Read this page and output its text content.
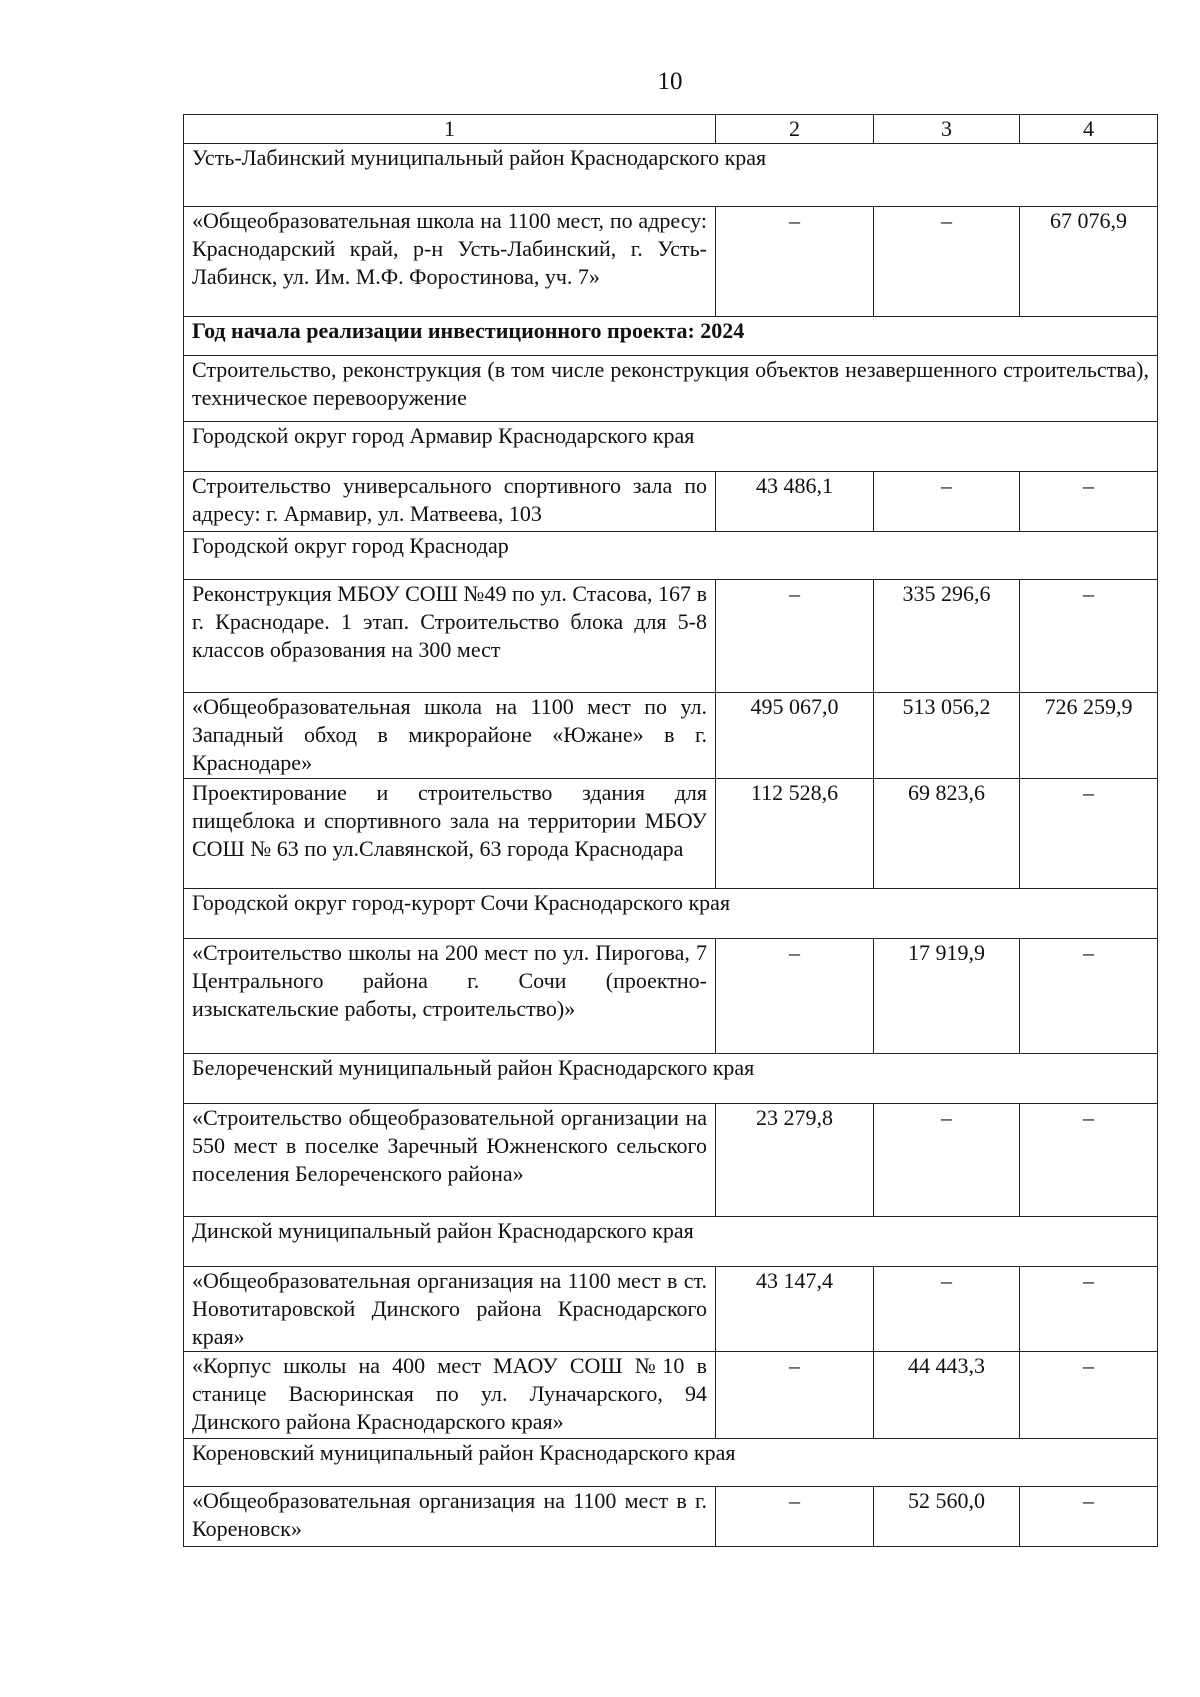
10
1	2	3	4
Усть-Лабинский муниципальный район Краснодарского края			
«Общеобразовательная школа на 1100 мест, по адресу: Краснодарский край, р-н Усть-Лабинский, г. Усть-Лабинск, ул. Им. М.Ф. Форостинова, уч. 7»	–	–	67 076,9
Год начала реализации инвестиционного проекта: 2024			
Строительство, реконструкция (в том числе реконструкция объектов незавершенного строительства), техническое перевооружение			
Городской округ город Армавир Краснодарского края			
Строительство универсального спортивного зала по адресу: г. Армавир, ул. Матвеева, 103	43 486,1	–	–
Городской округ город Краснодар			
Реконструкция МБОУ СОШ №49 по ул. Стасова, 167 в г. Краснодаре. 1 этап. Строительство блока для 5-8 классов образования на 300 мест	–	335 296,6	–
«Общеобразовательная школа на 1100 мест по ул. Западный обход в микрорайоне «Южане» в г. Краснодаре»	495 067,0	513 056,2	726 259,9
Проектирование и строительство здания для пищеблока и спортивного зала на территории МБОУ СОШ № 63 по ул.Славянской, 63 города Краснодара	112 528,6	69 823,6	–
Городской округ город-курорт Сочи Краснодарского края			
«Строительство школы на 200 мест по ул. Пирогова, 7 Центрального района г. Сочи (проектно-изыскательские работы, строительство)»	–	17 919,9	–
Белореченский муниципальный район Краснодарского края			
«Строительство общеобразовательной организации на 550 мест в поселке Заречный Южненского сельского поселения Белореченского района»	23 279,8	–	–
Динской муниципальный район Краснодарского края			
«Общеобразовательная организация на 1100 мест в ст. Новотитаровской Динского района Краснодарского края»	43 147,4	–	–
«Корпус школы на 400 мест МАОУ СОШ №10 в станице Васюринская по ул. Луначарского, 94 Динского района Краснодарского края»	–	44 443,3	–
Кореновский муниципальный район Краснодарского края			
«Общеобразовательная организация на 1100 мест в г. Кореновск»	–	52 560,0	–
